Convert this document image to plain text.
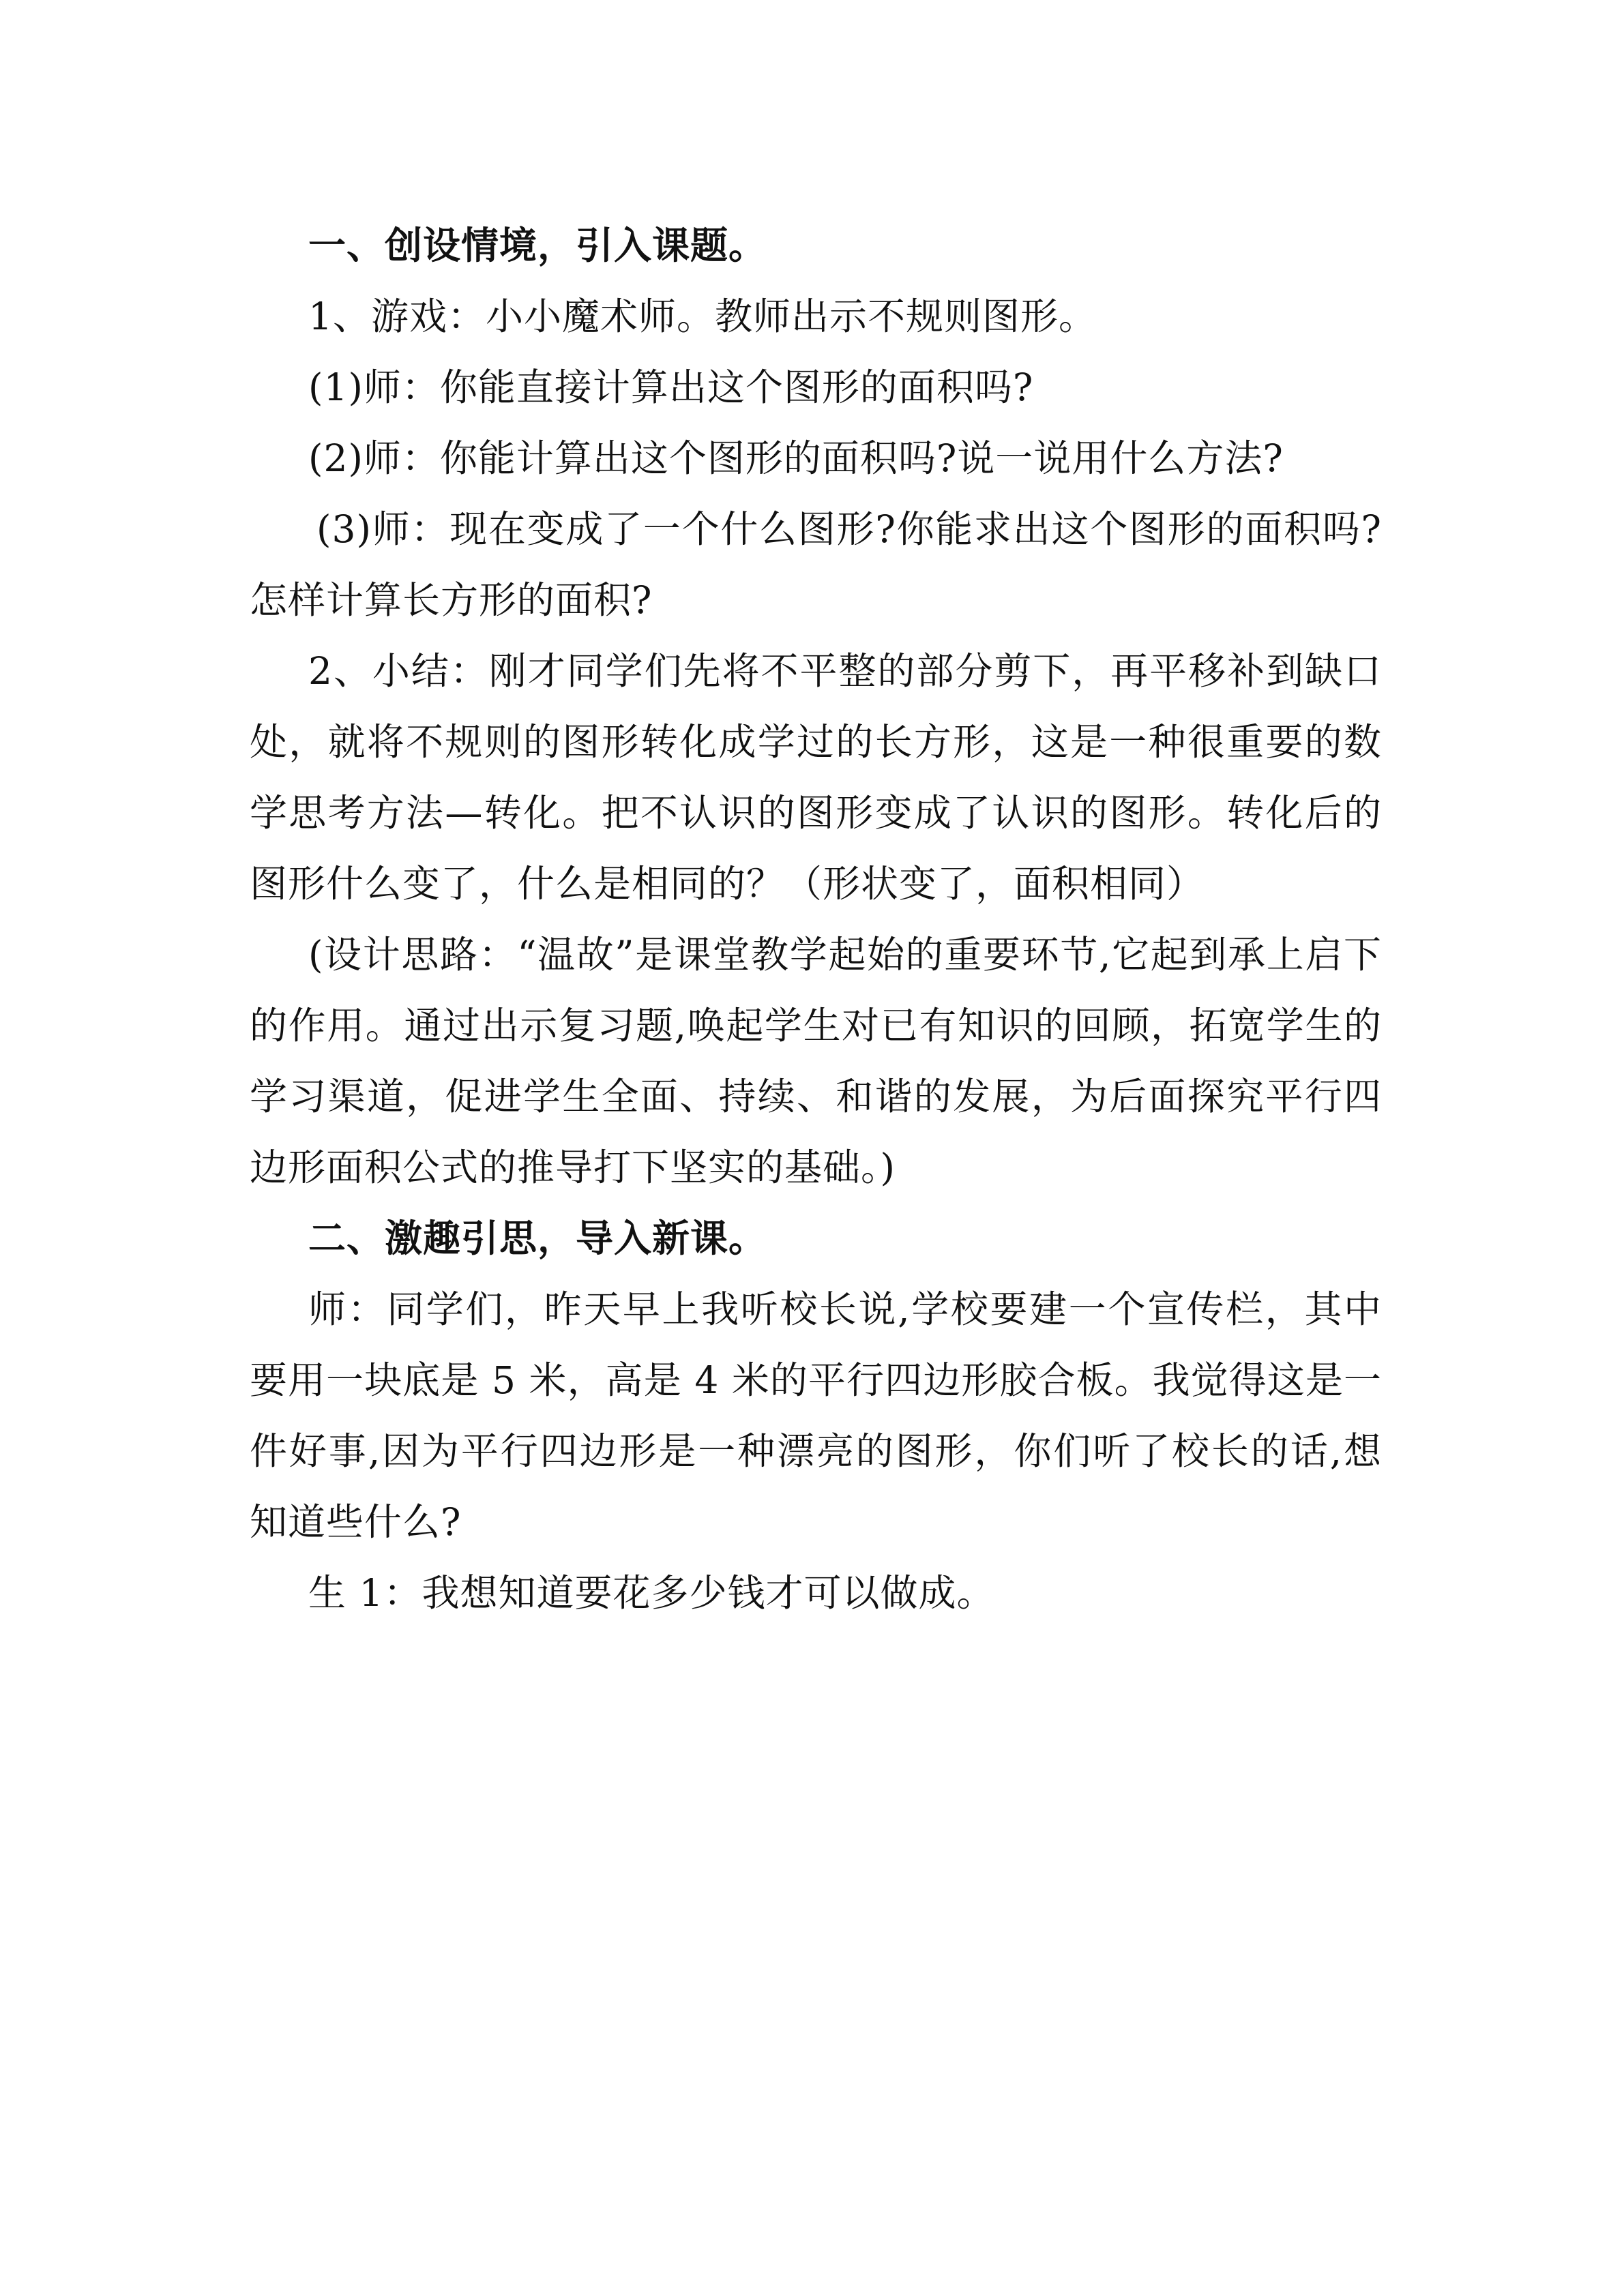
一、创设情境，引入课题。

1、游戏：小小魔术师。教师出示不规则图形。

(1)师：你能直接计算出这个图形的面积吗?

(2)师：你能计算出这个图形的面积吗?说一说用什么方法?

(3)师：现在变成了一个什么图形?你能求出这个图形的面积吗?怎样计算长方形的面积?

2、小结：刚才同学们先将不平整的部分剪下，再平移补到缺口处，就将不规则的图形转化成学过的长方形，这是一种很重要的数学思考方法—转化。把不认识的图形变成了认识的图形。转化后的图形什么变了，什么是相同的？（形状变了，面积相同）

(设计思路：“温故”是课堂教学起始的重要环节,它起到承上启下的作用。通过出示复习题,唤起学生对已有知识的回顾，拓宽学生的学习渠道，促进学生全面、持续、和谐的发展，为后面探究平行四边形面积公式的推导打下坚实的基础。)

二、激趣引思，导入新课。

师：同学们，昨天早上我听校长说,学校要建一个宣传栏，其中要用一块底是 5 米，高是 4 米的平行四边形胶合板。我觉得这是一件好事,因为平行四边形是一种漂亮的图形，你们听了校长的话,想知道些什么?

生 1：我想知道要花多少钱才可以做成。
